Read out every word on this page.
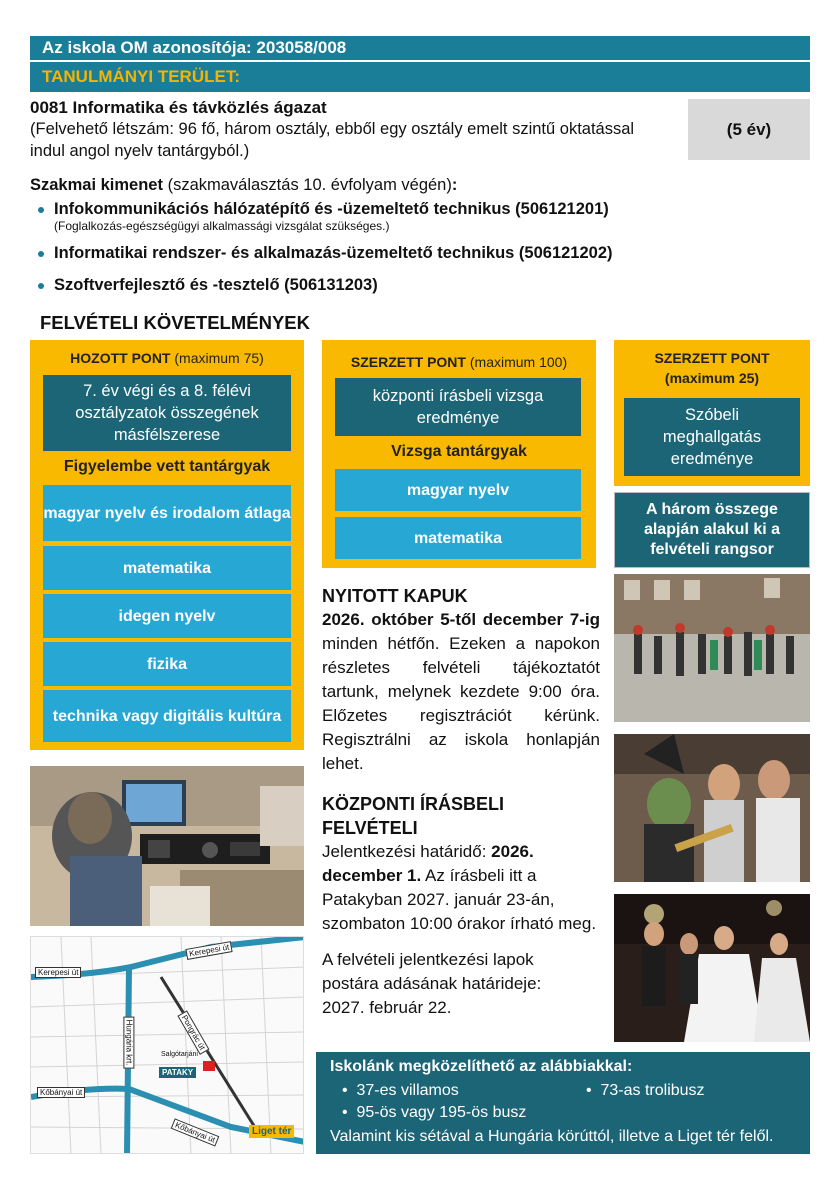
Az iskola OM azonosítója: 203058/008
TANULMÁNYI TERÜLET:
0081 Informatika és távközlés ágazat
(Felvehető létszám: 96 fő, három osztály, ebből egy osztály emelt szintű oktatással indul angol nyelv tantárgyból.)
(5 év)
Szakmai kimenet (szakmaválasztás 10. évfolyam végén):
Infokommunikációs hálózatépítő és -üzemeltető technikus (506121201)
(Foglalkozás-egészségügyi alkalmassági vizsgálat szükséges.)
Informatikai rendszer- és alkalmazás-üzemeltető technikus (506121202)
Szoftverfejlesztő és -tesztelő (506131203)
FELVÉTELI KÖVETELMÉNYEK
HOZOTT PONT (maximum 75)
7. év végi és a 8. félévi osztályzatok összegének másfélszerese
Figyelembe vett tantárgyak
magyar nyelv és irodalom átlaga
matematika
idegen nyelv
fizika
technika vagy digitális kultúra
SZERZETT PONT (maximum 100)
központi írásbeli vizsga eredménye
Vizsga tantárgyak
magyar nyelv
matematika
SZERZETT PONT
(maximum 25)
Szóbeli meghallgatás eredménye
A három összege alapján alakul ki a felvételi rangsor
NYITOTT KAPUK
2026. október 5-től december 7-ig minden hétfőn. Ezeken a napokon részletes felvételi tájékoztatót tartunk, melynek kezdete 9:00 óra. Előzetes regisztrációt kérünk. Regisztrálni az iskola honlapján lehet.
KÖZPONTI ÍRÁSBELI FELVÉTELI
Jelentkezési határidő: 2026. december 1. Az írásbeli itt a Patakyban 2027. január 23-án, szombaton 10:00 órakor írható meg.
A felvételi jelentkezési lapok postára adásának határideje: 2027. február 22.
Kerepesi út
Kerepesi út
Hungária krt.	Pongrác út
Salgótarjáni
PATAKY
Kőbányai út
Kőbányai út	Liget tér
Iskolánk megközelíthető az alábbiakkal:
•  37-es villamos	•  73-as trolibusz
•  95-ös vagy 195-ös busz
Valamint kis sétával a Hungária körúttól, illetve a Liget tér felől.
